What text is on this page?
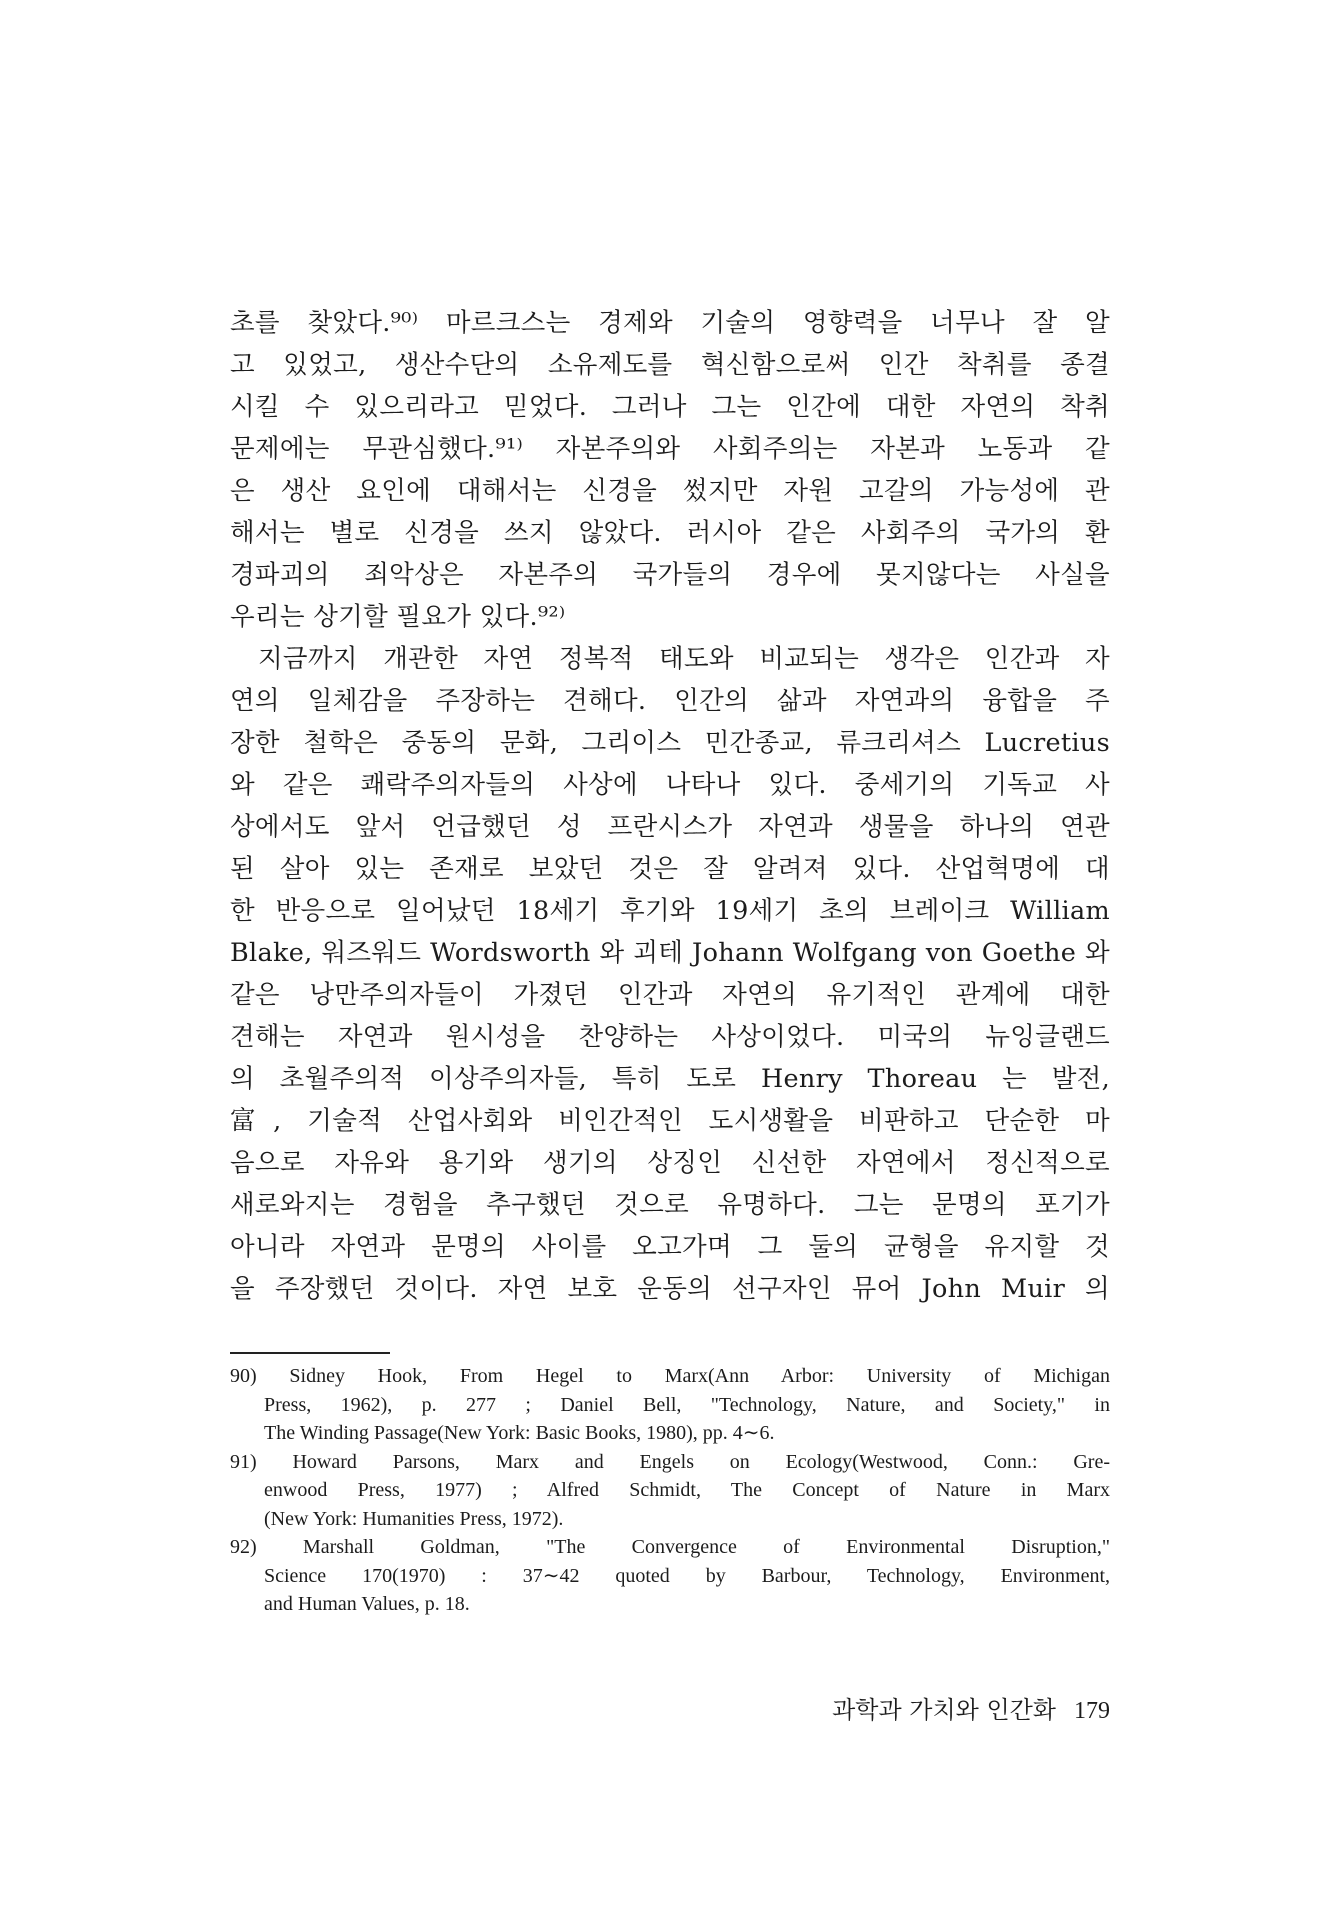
초를 찾았다.⁹⁰⁾ 마르크스는 경제와 기술의 영향력을 너무나 잘 알
고 있었고, 생산수단의 소유제도를 혁신함으로써 인간 착취를 종결
시킬 수 있으리라고 믿었다. 그러나 그는 인간에 대한 자연의 착취
문제에는 무관심했다.⁹¹⁾ 자본주의와 사회주의는 자본과 노동과 같
은 생산 요인에 대해서는 신경을 썼지만 자원 고갈의 가능성에 관
해서는 별로 신경을 쓰지 않았다. 러시아 같은 사회주의 국가의 환
경파괴의 죄악상은 자본주의 국가들의 경우에 못지않다는 사실을
우리는 상기할 필요가 있다.⁹²⁾
지금까지 개관한 자연 정복적 태도와 비교되는 생각은 인간과 자
연의 일체감을 주장하는 견해다. 인간의 삶과 자연과의 융합을 주
장한 철학은 중동의 문화, 그리이스 민간종교, 류크리셔스 Lucretius
와 같은 쾌락주의자들의 사상에 나타나 있다. 중세기의 기독교 사
상에서도 앞서 언급했던 성 프란시스가 자연과 생물을 하나의 연관
된 살아 있는 존재로 보았던 것은 잘 알려져 있다. 산업혁명에 대
한 반응으로 일어났던 18세기 후기와 19세기 초의 브레이크 William
Blake, 워즈워드 Wordsworth 와 괴테 Johann Wolfgang von Goethe 와
같은 낭만주의자들이 가졌던 인간과 자연의 유기적인 관계에 대한
견해는 자연과 원시성을 찬양하는 사상이었다. 미국의 뉴잉글랜드
의 초월주의적 이상주의자들, 특히 도로 Henry Thoreau 는 발전,
富, 기술적 산업사회와 비인간적인 도시생활을 비판하고 단순한 마
음으로 자유와 용기와 생기의 상징인 신선한 자연에서 정신적으로
새로와지는 경험을 추구했던 것으로 유명하다. 그는 문명의 포기가
아니라 자연과 문명의 사이를 오고가며 그 둘의 균형을 유지할 것
을 주장했던 것이다. 자연 보호 운동의 선구자인 뮤어 John Muir 의
90) Sidney Hook, From Hegel to Marx(Ann Arbor: University of Michigan
Press, 1962), p. 277 ; Daniel Bell, "Technology, Nature, and Society," in
The Winding Passage(New York: Basic Books, 1980), pp. 4∼6.
91) Howard Parsons, Marx and Engels on Ecology(Westwood, Conn.: Gre-
enwood Press, 1977) ; Alfred Schmidt, The Concept of Nature in Marx
(New York: Humanities Press, 1972).
92) Marshall Goldman, "The Convergence of Environmental Disruption,"
Science 170(1970) : 37∼42 quoted by Barbour, Technology, Environment,
and Human Values, p. 18.
과학과 가치와 인간화 179
